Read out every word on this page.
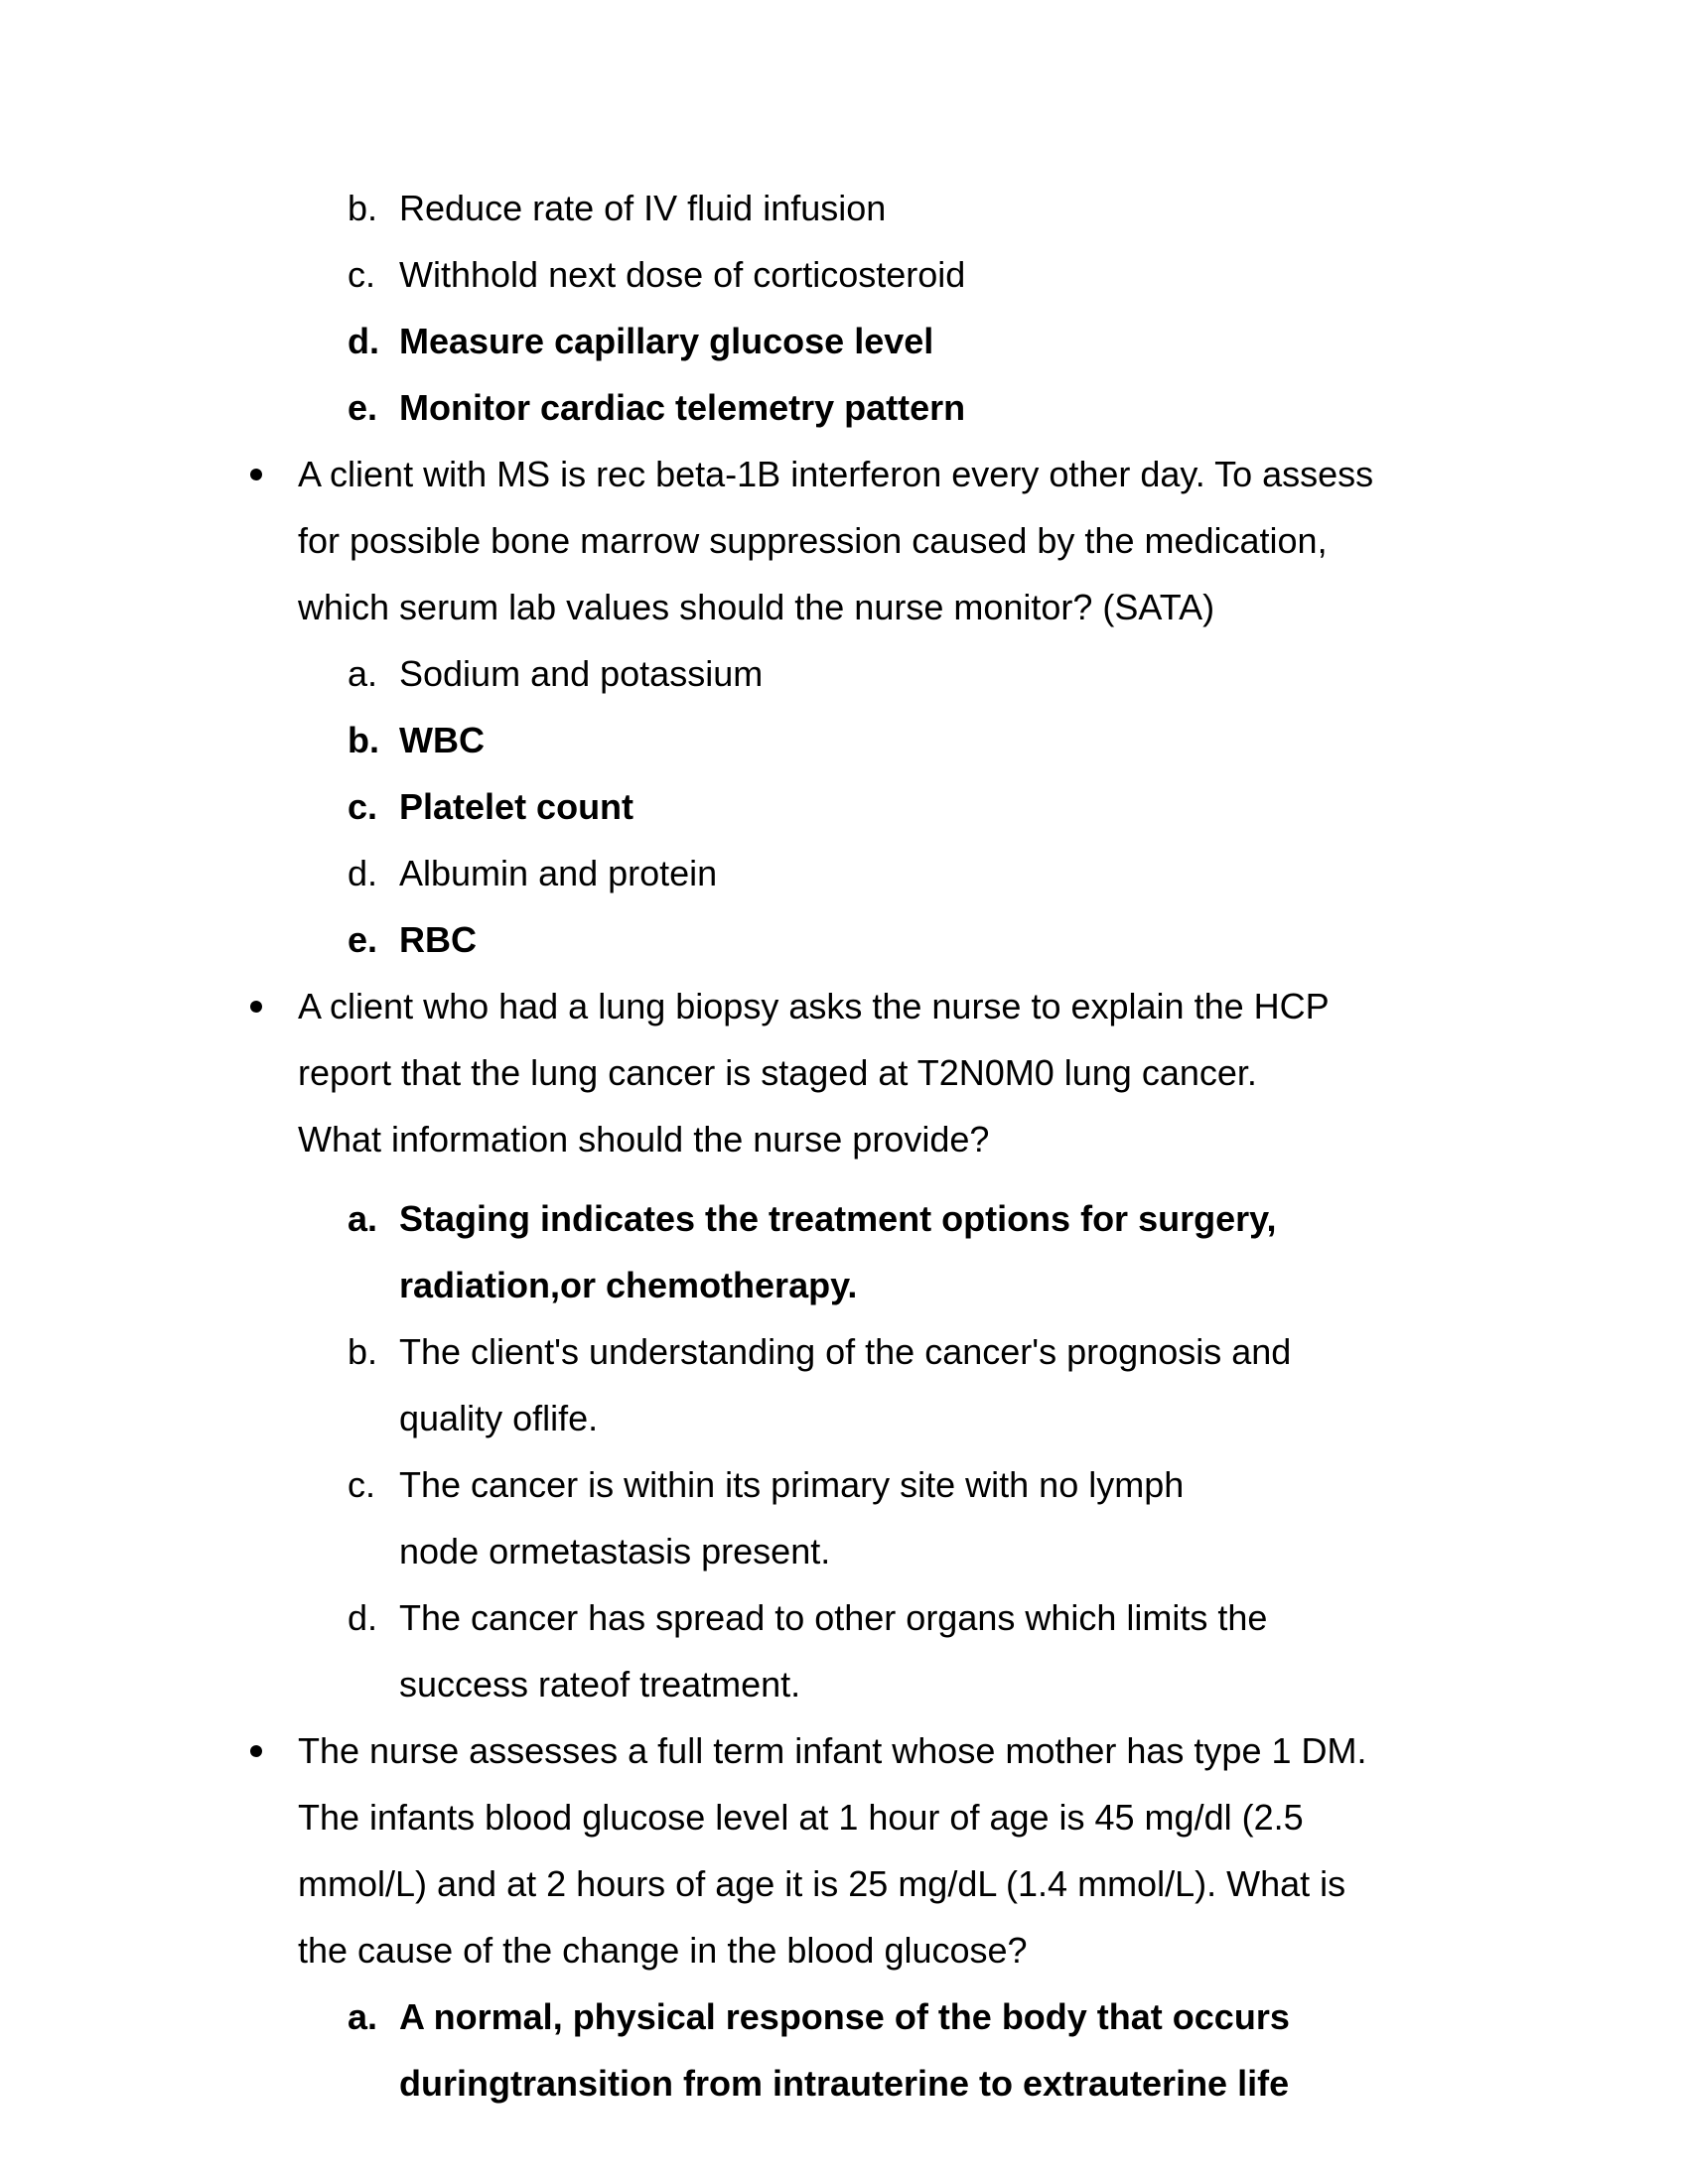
b. Reduce rate of IV fluid infusion
c. Withhold next dose of corticosteroid
d. Measure capillary glucose level
e. Monitor cardiac telemetry pattern
A client with MS is rec beta-1B interferon every other day. To assess
for possible bone marrow suppression caused by the medication,
which serum lab values should the nurse monitor? (SATA)
a. Sodium and potassium
b. WBC
c. Platelet count
d. Albumin and protein
e. RBC
A client who had a lung biopsy asks the nurse to explain the HCP
report that the lung cancer is staged at T2N0M0 lung cancer.
What information should the nurse provide?
a. Staging indicates the treatment options for surgery,
radiation,or chemotherapy.
b. The client's understanding of the cancer's prognosis and
quality oflife.
c. The cancer is within its primary site with no lymph
node ormetastasis present.
d. The cancer has spread to other organs which limits the
success rateof treatment.
The nurse assesses a full term infant whose mother has type 1 DM.
The infants blood glucose level at 1 hour of age is 45 mg/dl (2.5
mmol/L) and at 2 hours of age it is 25 mg/dL (1.4 mmol/L). What is
the cause of the change in the blood glucose?
a. A normal, physical response of the body that occurs
duringtransition from intrauterine to extrauterine life
